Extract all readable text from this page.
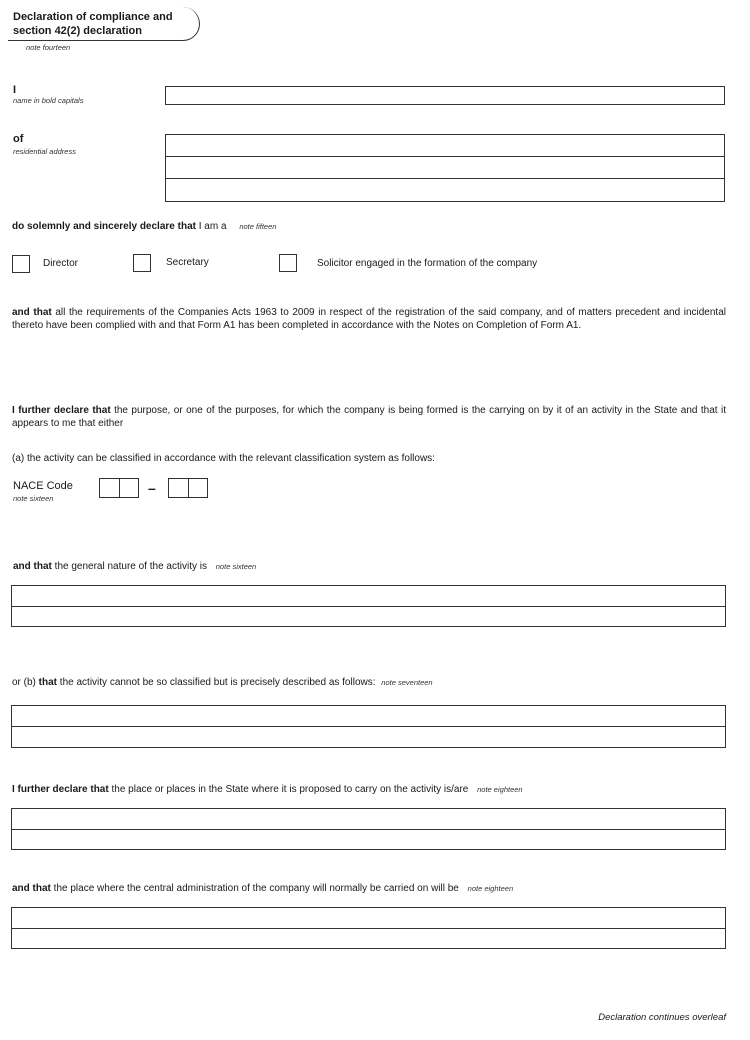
Declaration of compliance and section 42(2) declaration
note fourteen
I
name in bold capitals
of
residential address
do solemnly and sincerely declare that I am a note fifteen
Director	Secretary	Solicitor engaged in the formation of the company
and that all the requirements of the Companies Acts 1963 to 2009 in respect of the registration of the said company, and of matters precedent and incidental thereto have been complied with and that Form A1 has been completed in accordance with the Notes on Completion of Form A1.
I further declare that the purpose, or one of the purposes, for which the company is being formed is the carrying on by it of an activity in the State and that it appears to me that either
(a) the activity can be classified in accordance with the relevant classification system as follows:
NACE Code
note sixteen
–
and that the general nature of the activity is note sixteen
or (b) that the activity cannot be so classified but is precisely described as follows: note seventeen
I further declare that the place or places in the State where it is proposed to carry on the activity is/are note eighteen
and that the place where the central administration of the company will normally be carried on will be note eighteen
Declaration continues overleaf
